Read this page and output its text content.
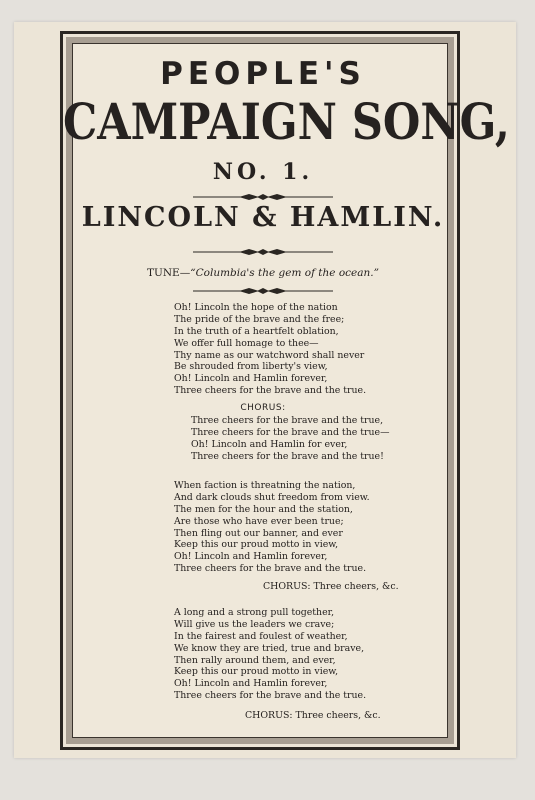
PEOPLE'S
CAMPAIGN SONG,
NO. 1.
LINCOLN & HAMLIN.
TUNE—“Columbia's the gem of the ocean.”
Oh! Lincoln the hope of the nation
The pride of the brave and the free;
In the truth of a heartfelt oblation,
We offer full homage to thee—
Thy name as our watchword shall never
Be shrouded from liberty's view,
Oh! Lincoln and Hamlin forever,
Three cheers for the brave and the true.
CHORUS:
Three cheers for the brave and the true,
Three cheers for the brave and the true—
Oh! Lincoln and Hamlin for ever,
Three cheers for the brave and the true!
When faction is threatning the nation,
And dark clouds shut freedom from view.
The men for the hour and the station,
Are those who have ever been true;
Then fling out our banner, and ever
Keep this our proud motto in view,
Oh! Lincoln and Hamlin forever,
Three cheers for the brave and the true.
CHORUS: Three cheers, &c.
A long and a strong pull together,
Will give us the leaders we crave;
In the fairest and foulest of weather,
We know they are tried, true and brave,
Then rally around them, and ever,
Keep this our proud motto in view,
Oh! Lincoln and Hamlin forever,
Three cheers for the brave and the true.
CHORUS: Three cheers, &c.
